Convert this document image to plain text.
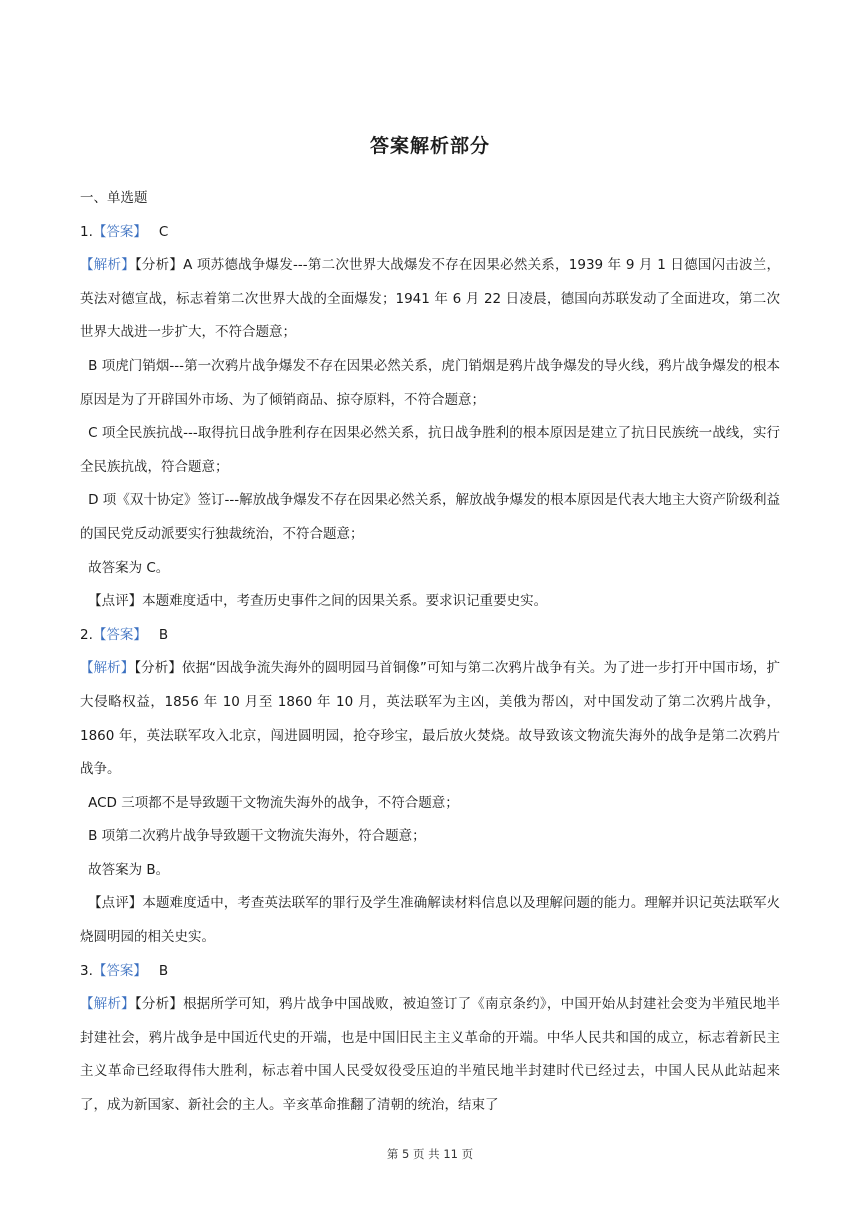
答案解析部分

一、单选题

1.【答案】 C

【解析】【分析】A 项苏德战争爆发---第二次世界大战爆发不存在因果必然关系，1939 年 9 月 1 日德国闪击波兰，英法对德宣战，标志着第二次世界大战的全面爆发；1941 年 6 月 22 日凌晨，德国向苏联发动了全面进攻，第二次世界大战进一步扩大，不符合题意；

B 项虎门销烟---第一次鸦片战争爆发不存在因果必然关系，虎门销烟是鸦片战争爆发的导火线，鸦片战争爆发的根本原因是为了开辟国外市场、为了倾销商品、掠夺原料，不符合题意；

C 项全民族抗战---取得抗日战争胜利存在因果必然关系，抗日战争胜利的根本原因是建立了抗日民族统一战线，实行全民族抗战，符合题意；

D 项《双十协定》签订---解放战争爆发不存在因果必然关系，解放战争爆发的根本原因是代表大地主大资产阶级利益的国民党反动派要实行独裁统治，不符合题意；

故答案为 C。

【点评】本题难度适中，考查历史事件之间的因果关系。要求识记重要史实。

2.【答案】 B

【解析】【分析】依据“因战争流失海外的圆明园马首铜像”可知与第二次鸦片战争有关。为了进一步打开中国市场，扩大侵略权益，1856 年 10 月至 1860 年 10 月，英法联军为主凶，美俄为帮凶，对中国发动了第二次鸦片战争，1860 年，英法联军攻入北京，闯进圆明园，抢夺珍宝，最后放火焚烧。故导致该文物流失海外的战争是第二次鸦片战争。

ACD 三项都不是导致题干文物流失海外的战争，不符合题意；

B 项第二次鸦片战争导致题干文物流失海外，符合题意；

故答案为 B。

【点评】本题难度适中，考查英法联军的罪行及学生准确解读材料信息以及理解问题的能力。理解并识记英法联军火烧圆明园的相关史实。

3.【答案】 B

【解析】【分析】根据所学可知，鸦片战争中国战败，被迫签订了《南京条约》，中国开始从封建社会变为半殖民地半封建社会，鸦片战争是中国近代史的开端，也是中国旧民主主义革命的开端。中华人民共和国的成立，标志着新民主主义革命已经取得伟大胜利，标志着中国人民受奴役受压迫的半殖民地半封建时代已经过去，中国人民从此站起来了，成为新国家、新社会的主人。辛亥革命推翻了清朝的统治，结束了

第 5 页 共 11 页
